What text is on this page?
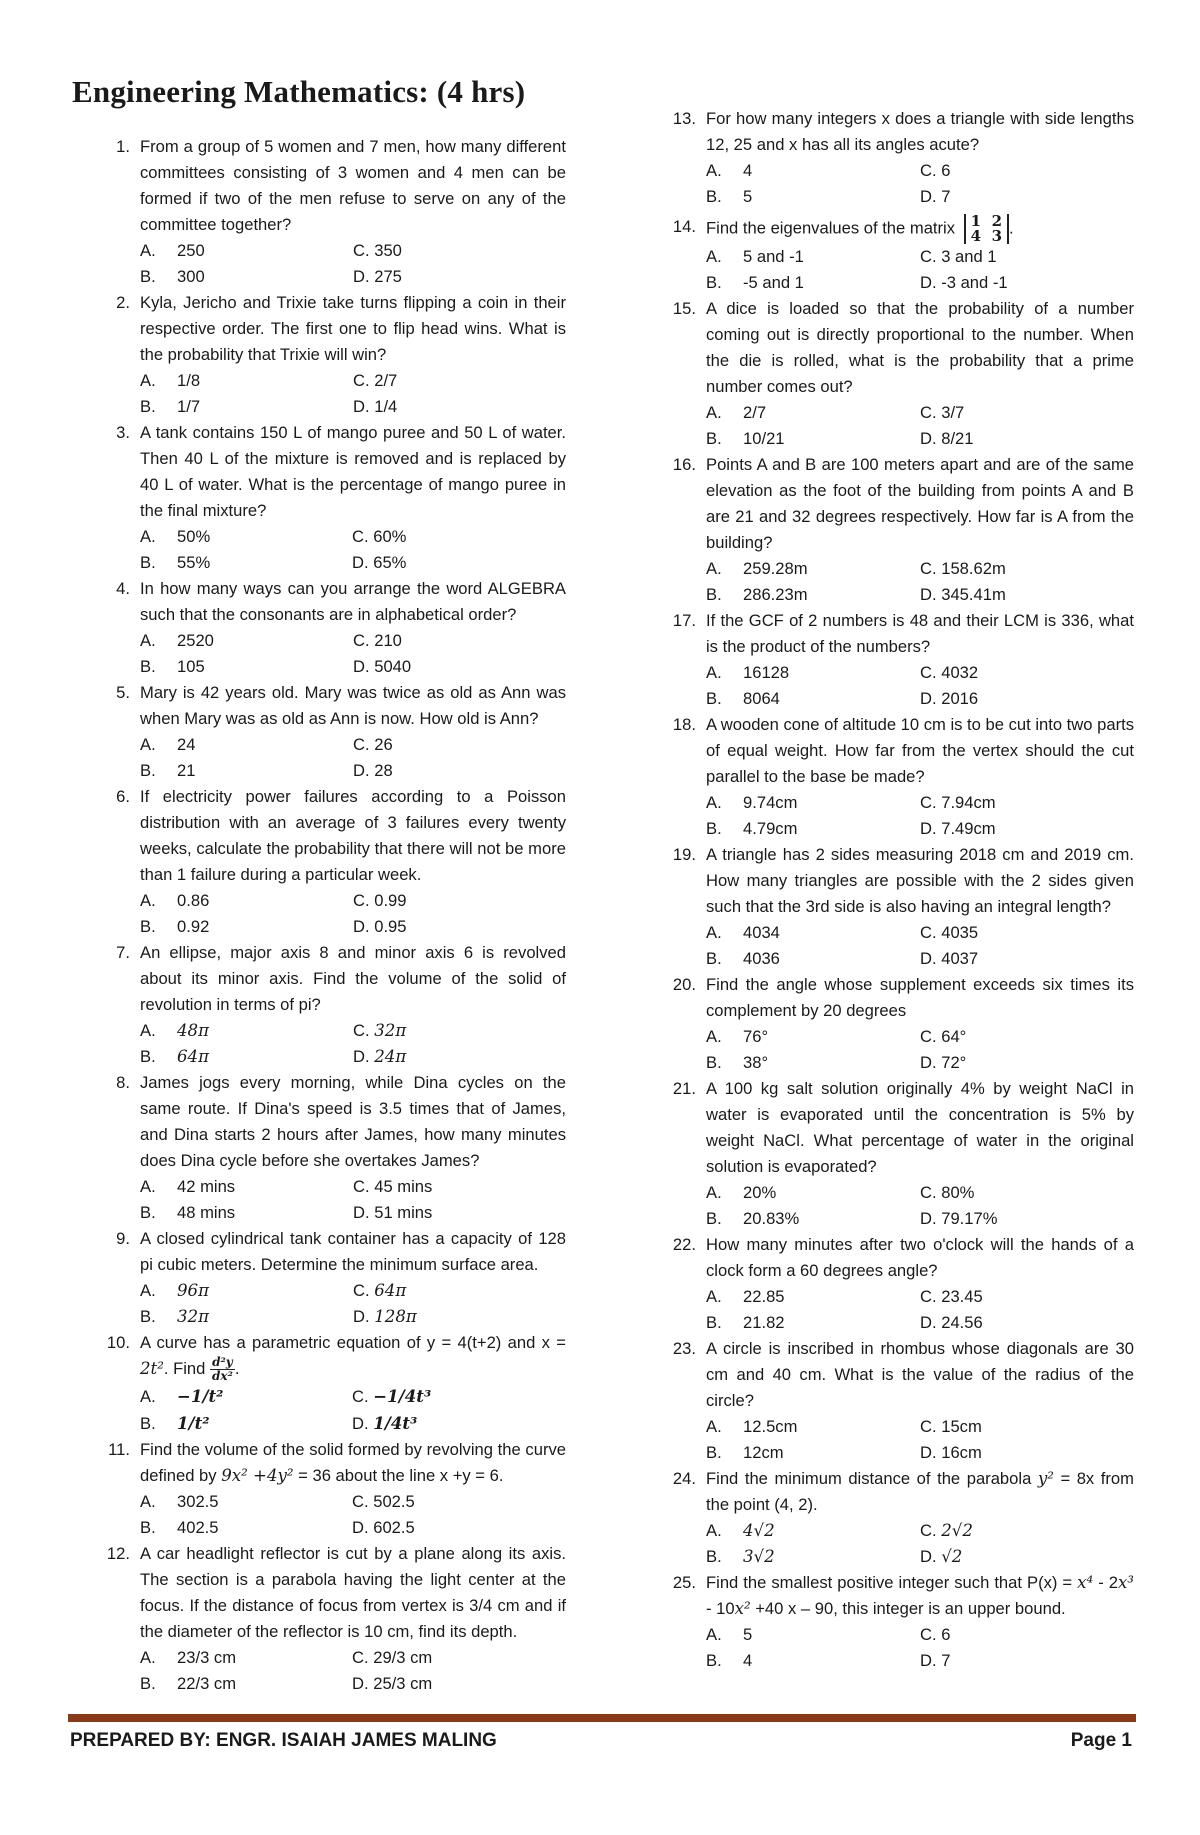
Engineering Mathematics: (4 hrs)
1. From a group of 5 women and 7 men, how many different committees consisting of 3 women and 4 men can be formed if two of the men refuse to serve on any of the committee together?
A. 250	C. 350
B. 300	D. 275
2. Kyla, Jericho and Trixie take turns flipping a coin in their respective order. The first one to flip head wins. What is the probability that Trixie will win?
A. 1/8	C. 2/7
B. 1/7	D. 1/4
3. A tank contains 150 L of mango puree and 50 L of water. Then 40 L of the mixture is removed and is replaced by 40 L of water. What is the percentage of mango puree in the final mixture?
A. 50%	C. 60%
B. 55%	D. 65%
4. In how many ways can you arrange the word ALGEBRA such that the consonants are in alphabetical order?
A. 2520	C. 210
B. 105	D. 5040
5. Mary is 42 years old. Mary was twice as old as Ann was when Mary was as old as Ann is now. How old is Ann?
A. 24	C. 26
B. 21	D. 28
6. If electricity power failures according to a Poisson distribution with an average of 3 failures every twenty weeks, calculate the probability that there will not be more than 1 failure during a particular week.
A. 0.86	C. 0.99
B. 0.92	D. 0.95
7. An ellipse, major axis 8 and minor axis 6 is revolved about its minor axis. Find the volume of the solid of revolution in terms of pi?
A. 48π	C. 32π
B. 64π	D. 24π
8. James jogs every morning, while Dina cycles on the same route. If Dina's speed is 3.5 times that of James, and Dina starts 2 hours after James, how many minutes does Dina cycle before she overtakes James?
A. 42 mins	C. 45 mins
B. 48 mins	D. 51 mins
9. A closed cylindrical tank container has a capacity of 128 pi cubic meters. Determine the minimum surface area.
A. 96π	C. 64π
B. 32π	D. 128π
10. A curve has a parametric equation of y = 4(t+2) and x = 2t². Find $\frac{\text{d²y}}{\text{dx²}}$ .
A. −1/t²	C. −1/4t³
B. 1/t²	D. 1/4t³
11. Find the volume of the solid formed by revolving the curve defined by 9x² +4y² = 36 about the line x +y = 6.
A. 302.5	C. 502.5
B. 402.5	D. 602.5
12. A car headlight reflector is cut by a plane along its axis. The section is a parabola having the light center at the focus. If the distance of focus from vertex is 3/4 cm and if the diameter of the reflector is 10 cm, find its depth.
A. 23/3 cm	C. 29/3 cm
B. 22/3 cm	D. 25/3 cm
13. For how many integers x does a triangle with side lengths 12, 25 and x has all its angles acute?
A. 4	C. 6
B. 5	D. 7
14. Find the eigenvalues of the matrix 1 2
4 3 .
A. 5 and -1	C. 3 and 1
B. -5 and 1	D. -3 and -1
15. A dice is loaded so that the probability of a number coming out is directly proportional to the number. When the die is rolled, what is the probability that a prime number comes out?
A. 2/7	C. 3/7
B. 10/21	D. 8/21
16. Points A and B are 100 meters apart and are of the same elevation as the foot of the building from points A and B are 21 and 32 degrees respectively. How far is A from the building?
A. 259.28m	C. 158.62m
B. 286.23m	D. 345.41m
17. If the GCF of 2 numbers is 48 and their LCM is 336, what is the product of the numbers?
A. 16128	C. 4032
B. 8064	D. 2016
18. A wooden cone of altitude 10 cm is to be cut into two parts of equal weight. How far from the vertex should the cut parallel to the base be made?
A. 9.74cm	C. 7.94cm
B. 4.79cm	D. 7.49cm
19. A triangle has 2 sides measuring 2018 cm and 2019 cm. How many triangles are possible with the 2 sides given such that the 3rd side is also having an integral length?
A. 4034	C. 4035
B. 4036	D. 4037
20. Find the angle whose supplement exceeds six times its complement by 20 degrees
A. 76°	C. 64°
B. 38°	D. 72°
21. A 100 kg salt solution originally 4% by weight NaCl in water is evaporated until the concentration is 5% by weight NaCl. What percentage of water in the original solution is evaporated?
A. 20%	C. 80%
B. 20.83%	D. 79.17%
22. How many minutes after two o'clock will the hands of a clock form a 60 degrees angle?
A. 22.85	C. 23.45
B. 21.82	D. 24.56
23. A circle is inscribed in rhombus whose diagonals are 30 cm and 40 cm. What is the value of the radius of the circle?
A. 12.5cm	C. 15cm
B. 12cm	D. 16cm
24. Find the minimum distance of the parabola y² = 8x from the point (4, 2).
A. 4√2	C. 2√2
B. 3√2	D. √2
25. Find the smallest positive integer such that P(x) = x⁴ - 2x³ - 10x² +40 x – 90, this integer is an upper bound.
A. 5	C. 6
B. 4	D. 7
PREPARED BY: ENGR. ISAIAH JAMES MALING	Page 1
